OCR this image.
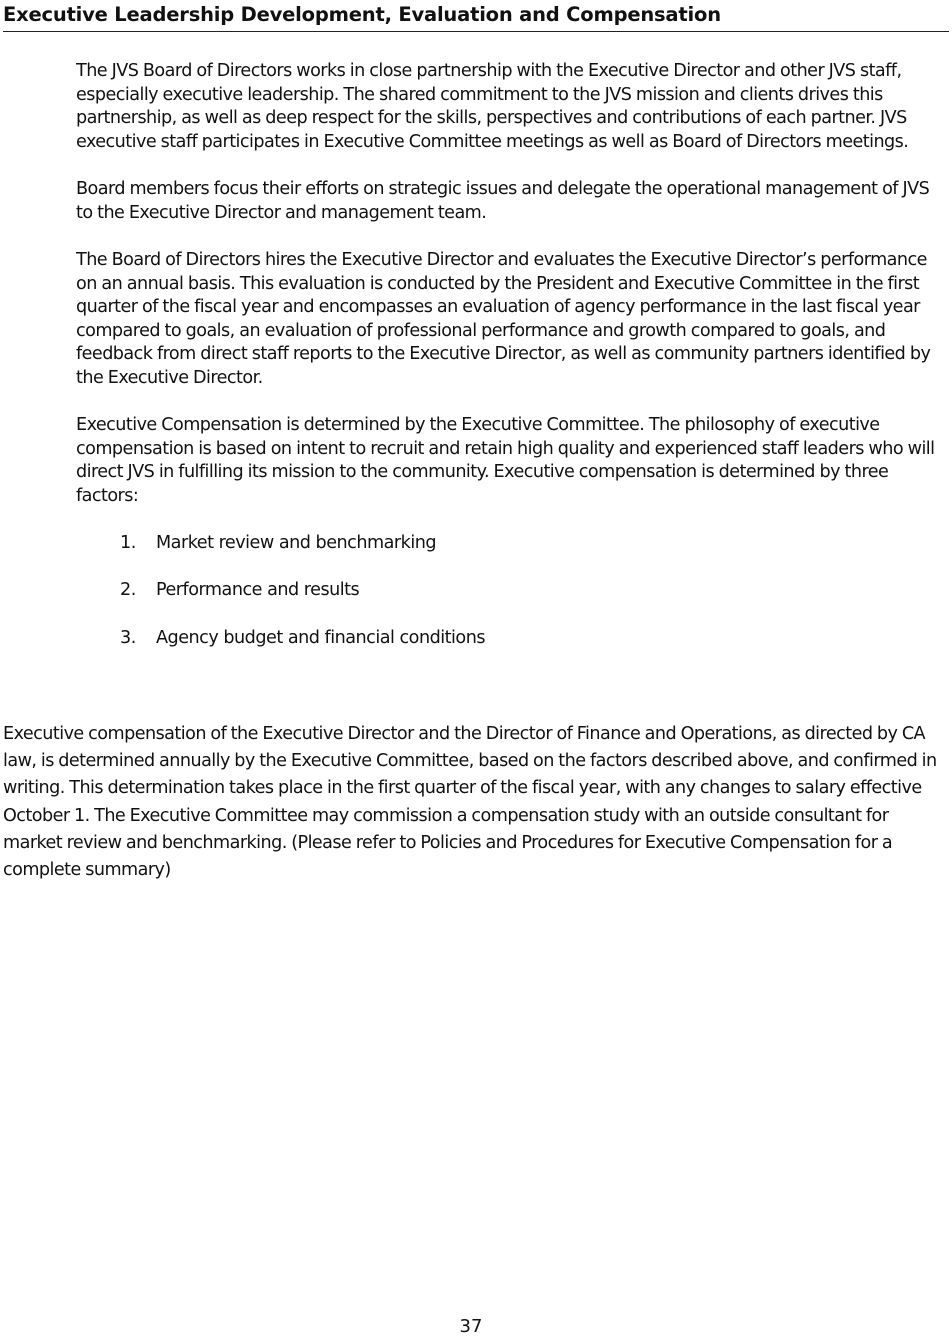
Executive Leadership Development, Evaluation and Compensation

The JVS Board of Directors works in close partnership with the Executive Director and other JVS staff, especially executive leadership. The shared commitment to the JVS mission and clients drives this partnership, as well as deep respect for the skills, perspectives and contributions of each partner. JVS executive staff participates in Executive Committee meetings as well as Board of Directors meetings.

Board members focus their efforts on strategic issues and delegate the operational management of JVS to the Executive Director and management team.

The Board of Directors hires the Executive Director and evaluates the Executive Director’s performance on an annual basis. This evaluation is conducted by the President and Executive Committee in the first quarter of the fiscal year and encompasses an evaluation of agency performance in the last fiscal year compared to goals, an evaluation of professional performance and growth compared to goals, and feedback from direct staff reports to the Executive Director, as well as community partners identified by the Executive Director.

Executive Compensation is determined by the Executive Committee. The philosophy of executive compensation is based on intent to recruit and retain high quality and experienced staff leaders who will direct JVS in fulfilling its mission to the community. Executive compensation is determined by three factors:

1. Market review and benchmarking
2. Performance and results
3. Agency budget and financial conditions

Executive compensation of the Executive Director and the Director of Finance and Operations, as directed by CA law, is determined annually by the Executive Committee, based on the factors described above, and confirmed in writing. This determination takes place in the first quarter of the fiscal year, with any changes to salary effective October 1. The Executive Committee may commission a compensation study with an outside consultant for market review and benchmarking. (Please refer to Policies and Procedures for Executive Compensation for a complete summary)

37
